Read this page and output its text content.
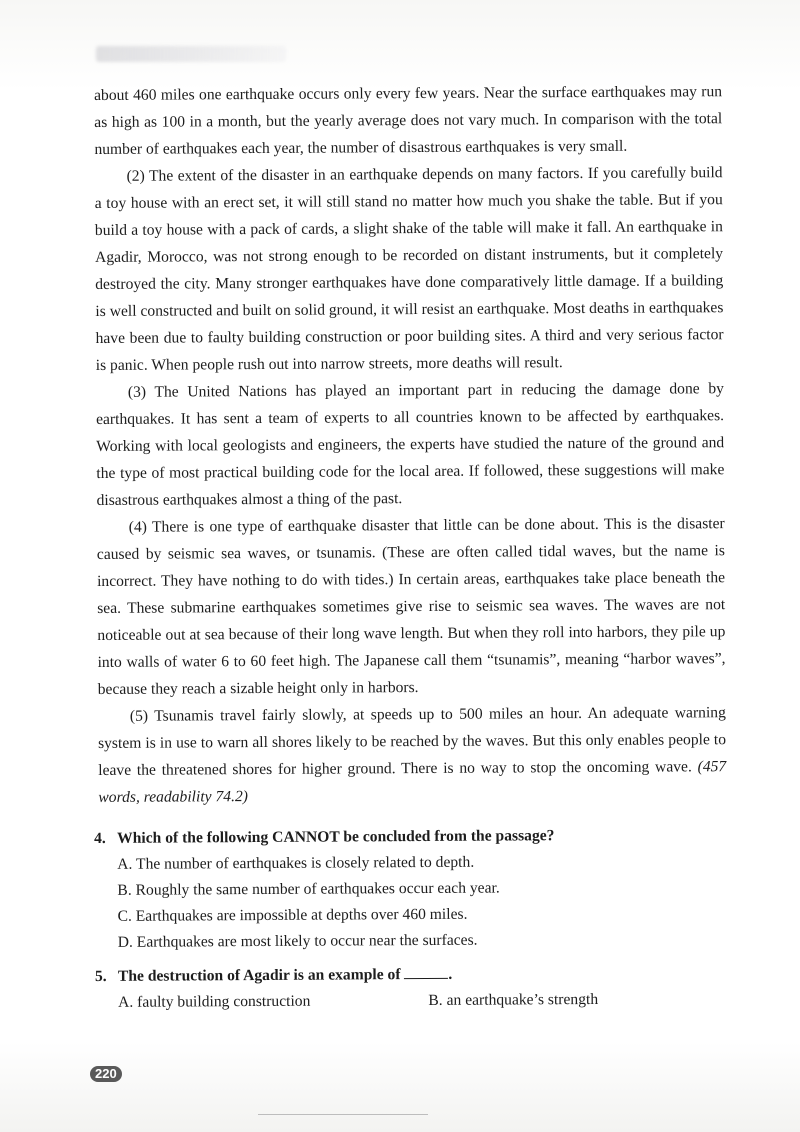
about 460 miles one earthquake occurs only every few years. Near the surface earthquakes may run as high as 100 in a month, but the yearly average does not vary much. In comparison with the total number of earthquakes each year, the number of disastrous earthquakes is very small.

(2) The extent of the disaster in an earthquake depends on many factors. If you carefully build a toy house with an erect set, it will still stand no matter how much you shake the table. But if you build a toy house with a pack of cards, a slight shake of the table will make it fall. An earthquake in Agadir, Morocco, was not strong enough to be recorded on distant instruments, but it completely destroyed the city. Many stronger earthquakes have done comparatively little damage. If a building is well constructed and built on solid ground, it will resist an earthquake. Most deaths in earthquakes have been due to faulty building construction or poor building sites. A third and very serious factor is panic. When people rush out into narrow streets, more deaths will result.

(3) The United Nations has played an important part in reducing the damage done by earthquakes. It has sent a team of experts to all countries known to be affected by earthquakes. Working with local geologists and engineers, the experts have studied the nature of the ground and the type of most practical building code for the local area. If followed, these suggestions will make disastrous earthquakes almost a thing of the past.

(4) There is one type of earthquake disaster that little can be done about. This is the disaster caused by seismic sea waves, or tsunamis. (These are often called tidal waves, but the name is incorrect. They have nothing to do with tides.) In certain areas, earthquakes take place beneath the sea. These submarine earthquakes sometimes give rise to seismic sea waves. The waves are not noticeable out at sea because of their long wave length. But when they roll into harbors, they pile up into walls of water 6 to 60 feet high. The Japanese call them “tsunamis”, meaning “harbor waves”, because they reach a sizable height only in harbors.

(5) Tsunamis travel fairly slowly, at speeds up to 500 miles an hour. An adequate warning system is in use to warn all shores likely to be reached by the waves. But this only enables people to leave the threatened shores for higher ground. There is no way to stop the oncoming wave. (457 words, readability 74.2)

4. Which of the following CANNOT be concluded from the passage?

A. The number of earthquakes is closely related to depth.

B. Roughly the same number of earthquakes occur each year.

C. Earthquakes are impossible at depths over 460 miles.

D. Earthquakes are most likely to occur near the surfaces.

5. The destruction of Agadir is an example of	.

A. faulty building construction	B. an earthquake’s strength

220
